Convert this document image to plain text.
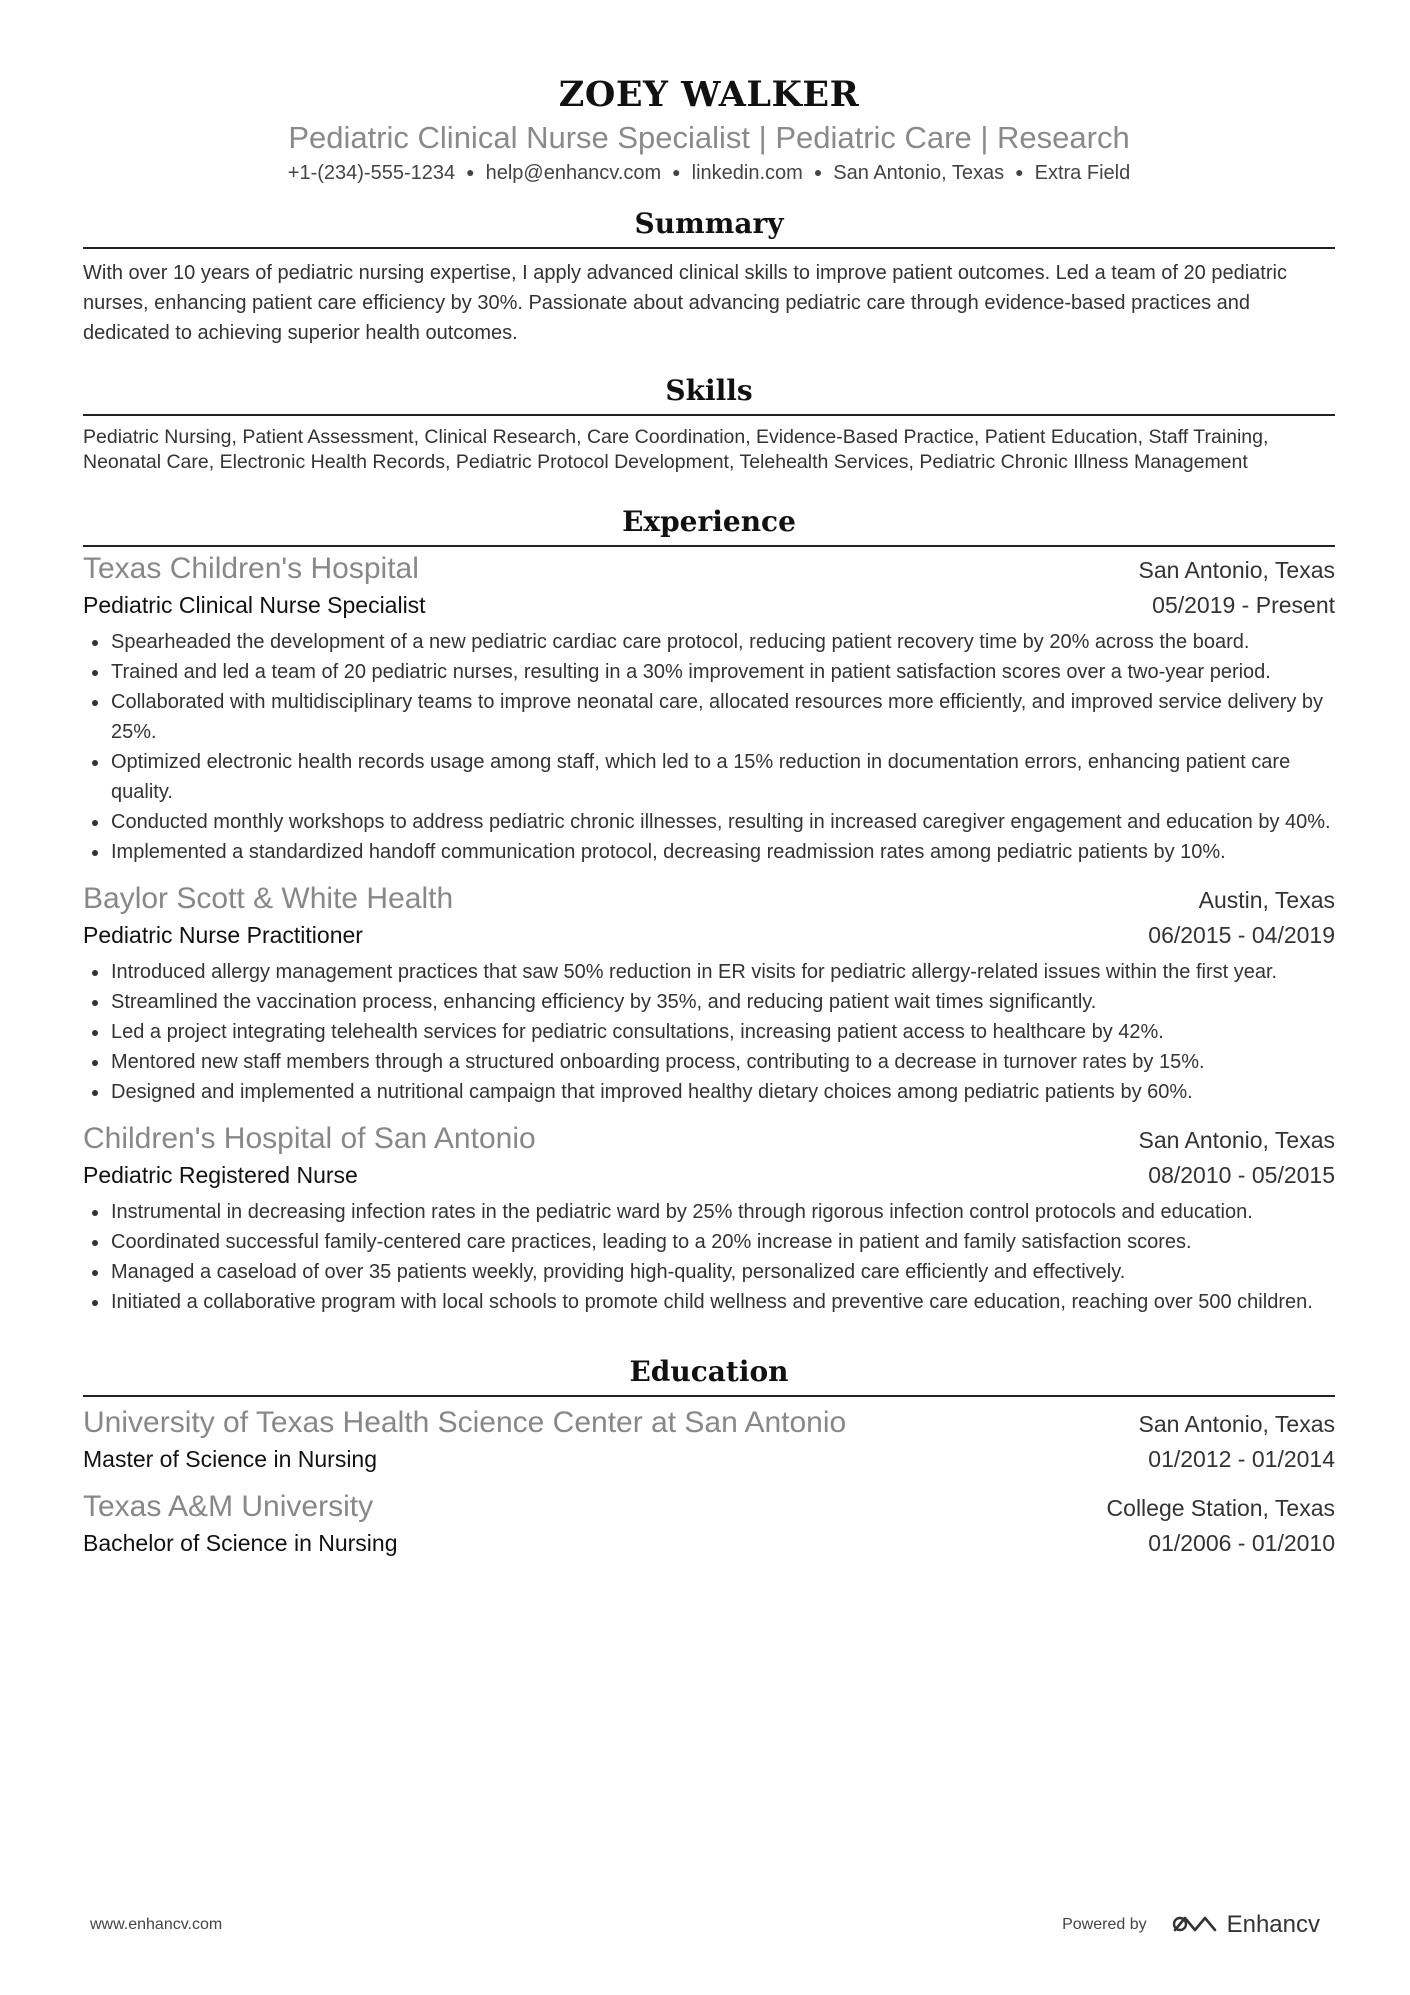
ZOEY WALKER
Pediatric Clinical Nurse Specialist | Pediatric Care | Research
+1-(234)-555-1234 ● help@enhancv.com ● linkedin.com ● San Antonio, Texas ● Extra Field
Summary
With over 10 years of pediatric nursing expertise, I apply advanced clinical skills to improve patient outcomes. Led a team of 20 pediatric nurses, enhancing patient care efficiency by 30%. Passionate about advancing pediatric care through evidence-based practices and dedicated to achieving superior health outcomes.
Skills
Pediatric Nursing, Patient Assessment, Clinical Research, Care Coordination, Evidence-Based Practice, Patient Education, Staff Training, Neonatal Care, Electronic Health Records, Pediatric Protocol Development, Telehealth Services, Pediatric Chronic Illness Management
Experience
Texas Children's Hospital	San Antonio, Texas
Pediatric Clinical Nurse Specialist	05/2019 - Present
Spearheaded the development of a new pediatric cardiac care protocol, reducing patient recovery time by 20% across the board.
Trained and led a team of 20 pediatric nurses, resulting in a 30% improvement in patient satisfaction scores over a two-year period.
Collaborated with multidisciplinary teams to improve neonatal care, allocated resources more efficiently, and improved service delivery by 25%.
Optimized electronic health records usage among staff, which led to a 15% reduction in documentation errors, enhancing patient care quality.
Conducted monthly workshops to address pediatric chronic illnesses, resulting in increased caregiver engagement and education by 40%.
Implemented a standardized handoff communication protocol, decreasing readmission rates among pediatric patients by 10%.
Baylor Scott & White Health	Austin, Texas
Pediatric Nurse Practitioner	06/2015 - 04/2019
Introduced allergy management practices that saw 50% reduction in ER visits for pediatric allergy-related issues within the first year.
Streamlined the vaccination process, enhancing efficiency by 35%, and reducing patient wait times significantly.
Led a project integrating telehealth services for pediatric consultations, increasing patient access to healthcare by 42%.
Mentored new staff members through a structured onboarding process, contributing to a decrease in turnover rates by 15%.
Designed and implemented a nutritional campaign that improved healthy dietary choices among pediatric patients by 60%.
Children's Hospital of San Antonio	San Antonio, Texas
Pediatric Registered Nurse	08/2010 - 05/2015
Instrumental in decreasing infection rates in the pediatric ward by 25% through rigorous infection control protocols and education.
Coordinated successful family-centered care practices, leading to a 20% increase in patient and family satisfaction scores.
Managed a caseload of over 35 patients weekly, providing high-quality, personalized care efficiently and effectively.
Initiated a collaborative program with local schools to promote child wellness and preventive care education, reaching over 500 children.
Education
University of Texas Health Science Center at San Antonio	San Antonio, Texas
Master of Science in Nursing	01/2012 - 01/2014
Texas A&M University	College Station, Texas
Bachelor of Science in Nursing	01/2006 - 01/2010
www.enhancv.com	Powered by	Enhancv
